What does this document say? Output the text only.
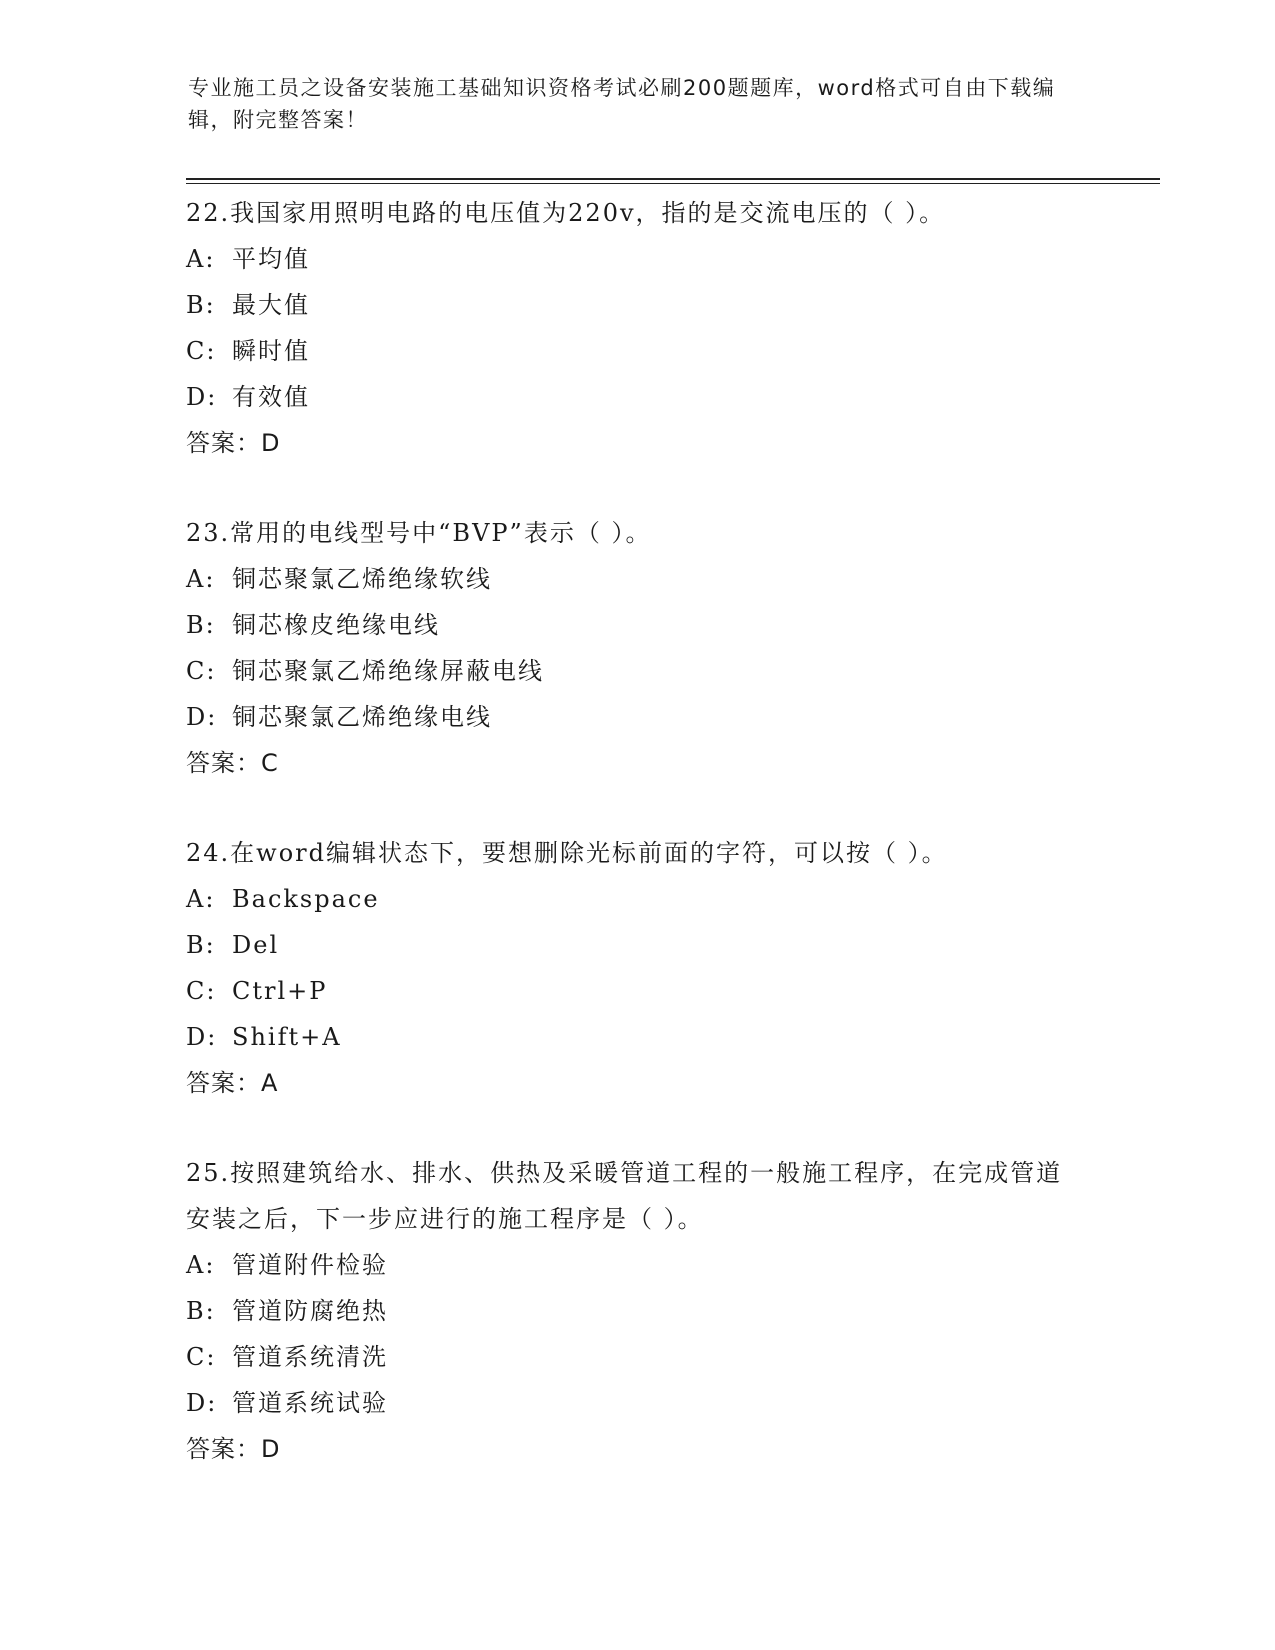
专业施工员之设备安装施工基础知识资格考试必刷200题题库，word格式可自由下载编辑，附完整答案！
22.我国家用照明电路的电压值为220v，指的是交流电压的（ ）。
A: 平均值
B: 最大值
C: 瞬时值
D: 有效值
答案：D
23.常用的电线型号中“BVP”表示（ ）。
A: 铜芯聚氯乙烯绝缘软线
B: 铜芯橡皮绝缘电线
C: 铜芯聚氯乙烯绝缘屏蔽电线
D: 铜芯聚氯乙烯绝缘电线
答案：C
24.在word编辑状态下，要想删除光标前面的字符，可以按（ ）。
A: Backspace
B: Del
C: Ctrl+P
D: Shift+A
答案：A
25.按照建筑给水、排水、供热及采暖管道工程的一般施工程序，在完成管道安装之后，下一步应进行的施工程序是（ ）。
A: 管道附件检验
B: 管道防腐绝热
C: 管道系统清洗
D: 管道系统试验
答案：D
